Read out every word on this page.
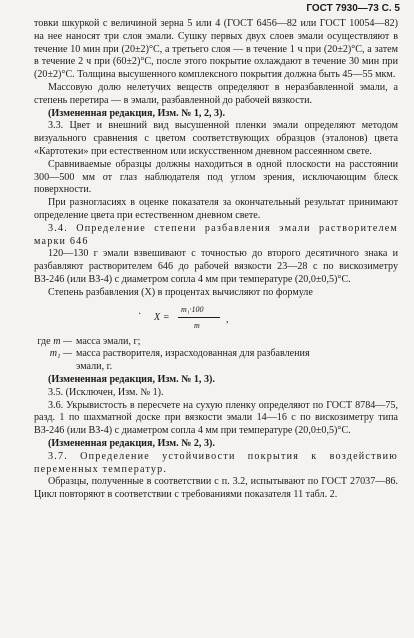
ГОСТ 7930—73 С. 5

товки шкуркой с величиной зерна 5 или 4 (ГОСТ 6456—82 или ГОСТ 10054—82) на нее наносят три слоя эмали. Сушку первых двух слоев эмали осуществляют в течение 10 мин при (20±2)°С, а третьего слоя — в течение 1 ч при (20±2)°С, а затем в течение 2 ч при (60±2)°С, после этого покрытие охлаждают в течение 30 мин при (20±2)°С. Толщина высушенного комплексного покрытия должна быть 45—55 мкм.

Массовую долю нелетучих веществ определяют в неразбавленной эмали, а степень перетира — в эмали, разбавленной до рабочей вязкости.

(Измененная редакция, Изм. № 1, 2, 3).

3.3. Цвет и внешний вид высушенной пленки эмали определяют методом визуального сравнения с цветом соответствующих образцов (эталонов) цвета «Картотеки» при естественном или искусственном дневном рассеянном свете.

Сравниваемые образцы должны находиться в одной плоскости на расстоянии 300—500 мм от глаз наблюдателя под углом зрения, исключающим блеск поверхности.

При разногласиях в оценке показателя за окончательный результат принимают определение цвета при естественном дневном свете.

3.4. Определение степени разбавления эмали растворителем марки 646

120—130 г эмали взвешивают с точностью до второго десятичного знака и разбавляют растворителем 646 до рабочей вязкости 23—28 с по вискозиметру ВЗ-246 (или ВЗ-4) с диаметром сопла 4 мм при температуре (20,0±0,5)°С.

Степень разбавления (X) в процентах вычисляют по формуле

· X =
m₁·100
m
,
где m — масса эмали, г;
m₁ — масса растворителя, израсходованная для разбавления

эмали, г.

(Измененная редакция, Изм. № 1, 3).

3.5. (Исключен, Изм. № 1).

3.6. Укрывистость в пересчете на сухую пленку определяют по ГОСТ 8784—75, разд. 1 по шахматной доске при вязкости эмали 14—16 с по вискозиметру типа ВЗ-246 (или ВЗ-4) с диаметром сопла 4 мм при температуре (20,0±0,5)°С.

(Измененная редакция, Изм. № 2, 3).

3.7. Определение устойчивости покрытия к воздействию переменных температур.

Образцы, полученные в соответствии с п. 3.2, испытывают по ГОСТ 27037—86. Цикл повторяют в соответствии с требованиями показателя 11 табл. 2.
